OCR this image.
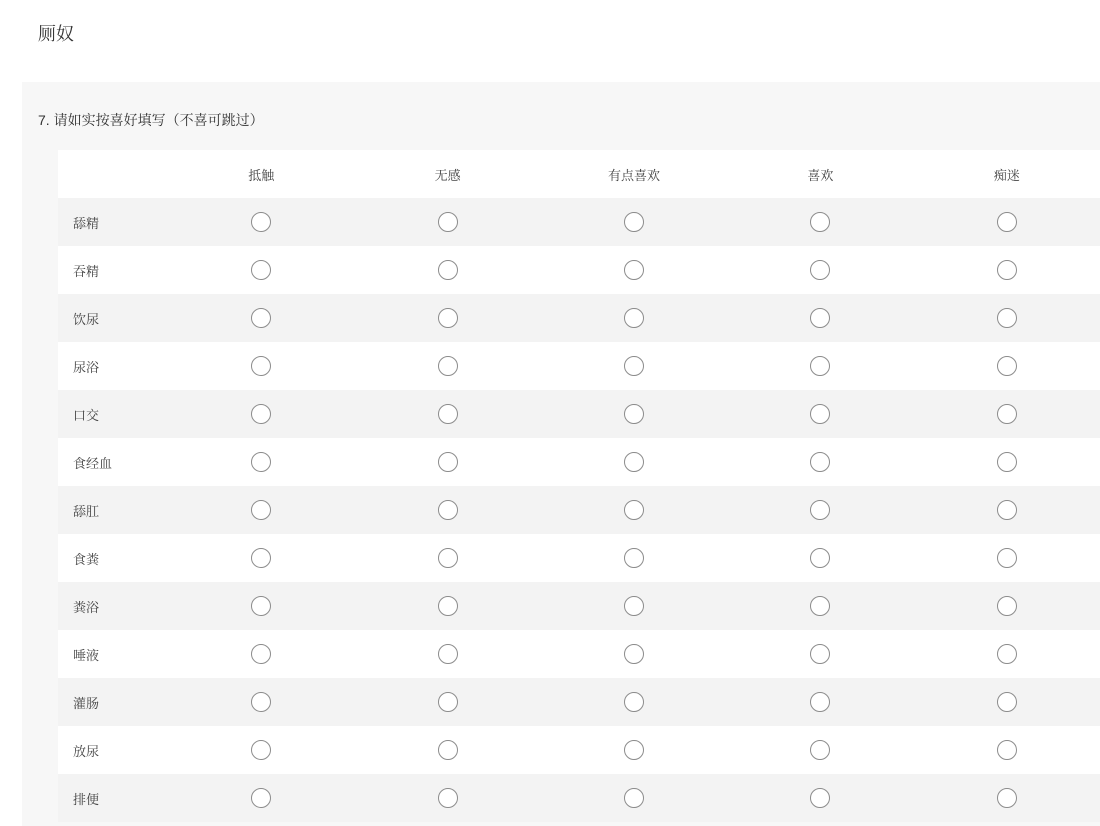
厕奴
7. 请如实按喜好填写（不喜可跳过）
抵触	无感	有点喜欢	喜欢	痴迷
舔精
吞精
饮尿
尿浴
口交
食经血
舔肛
食粪
粪浴
唾液
灌肠
放尿
排便
